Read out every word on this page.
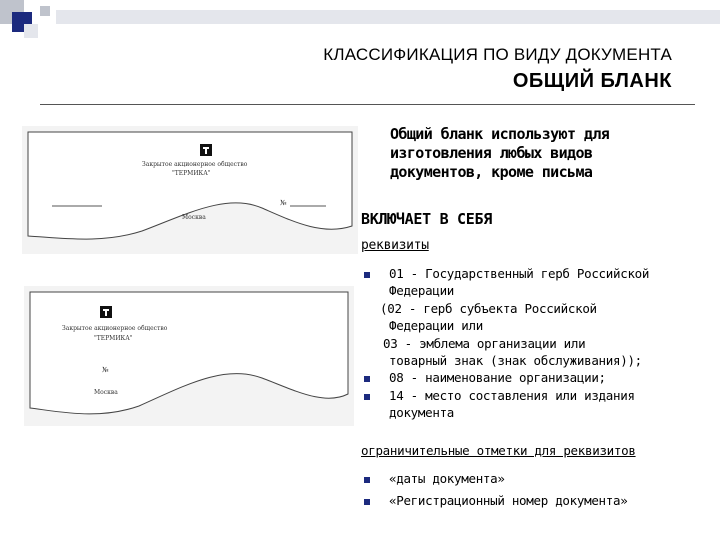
КЛАССИФИКАЦИЯ ПО ВИДУ ДОКУМЕНТА
ОБЩИЙ БЛАНК
Закрытое акционерное общество
"ТЕРМИКА"
№
Москва
Закрытое акционерное общество
"ТЕРМИКА"
№
Москва
Общий бланк используют для
изготовления любых видов
документов, кроме письма
ВКЛЮЧАЕТ В СЕБЯ
реквизиты
01 - Государственный герб Российской
Федерации
(02 - герб субъекта Российской
Федерации или
03 - эмблема организации или
товарный знак (знак обслуживания));
08 - наименование организации;
14 - место составления или издания
документа
ограничительные отметки для реквизитов
«даты документа»
«Регистрационный номер документа»
